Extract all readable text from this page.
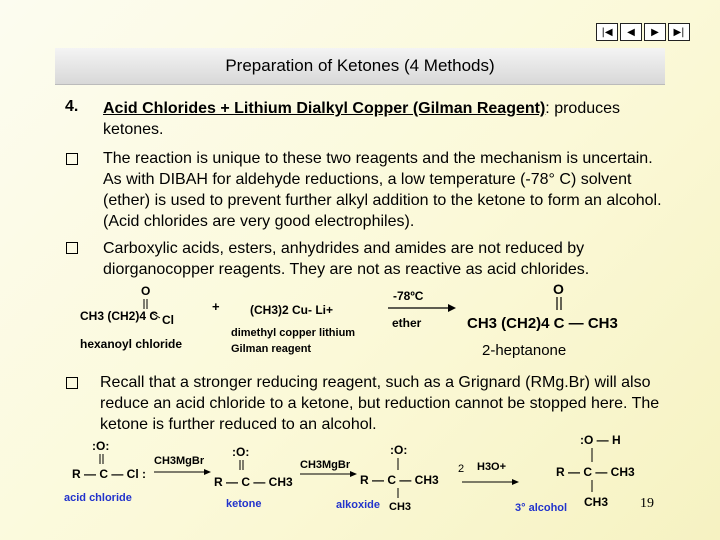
|◀	◀	▶	▶|
Preparation of Ketones (4 Methods)
4. Acid Chlorides + Lithium Dialkyl Copper (Gilman Reagent): produces ketones.
The reaction is unique to these two reagents and the mechanism is uncertain. As with DIBAH for aldehyde reductions, a low temperature (-78° C) solvent (ether) is used to prevent further alkyl addition to the ketone to form an alcohol. (Acid chlorides are very good electrophiles).
Carboxylic acids, esters, anhydrides and amides are not reduced by diorganocopper reagents. They are not as reactive as acid chlorides.
O
CH3 (CH2)4 C Cl
hexanoyl chloride
+	(CH3)2 Cu- Li+
dimethyl copper lithium
Gilman reagent
-78ºC
ether
O
CH3 (CH2)4 C — CH3
2-heptanone
Recall that a stronger reducing reagent, such as a Grignard (RMg.Br) will also reduce an acid chloride to a ketone, but reduction cannot be stopped here. The ketone is further reduced to an alcohol.
:O:
R — C — Cl :
acid chloride
CH3MgBr
:O:
R — C — CH3
ketone
CH3MgBr
:O:
R — C — CH3
CH3
alkoxide
2 H3O+
:O — H
R — C — CH3
CH3
3° alcohol	19
